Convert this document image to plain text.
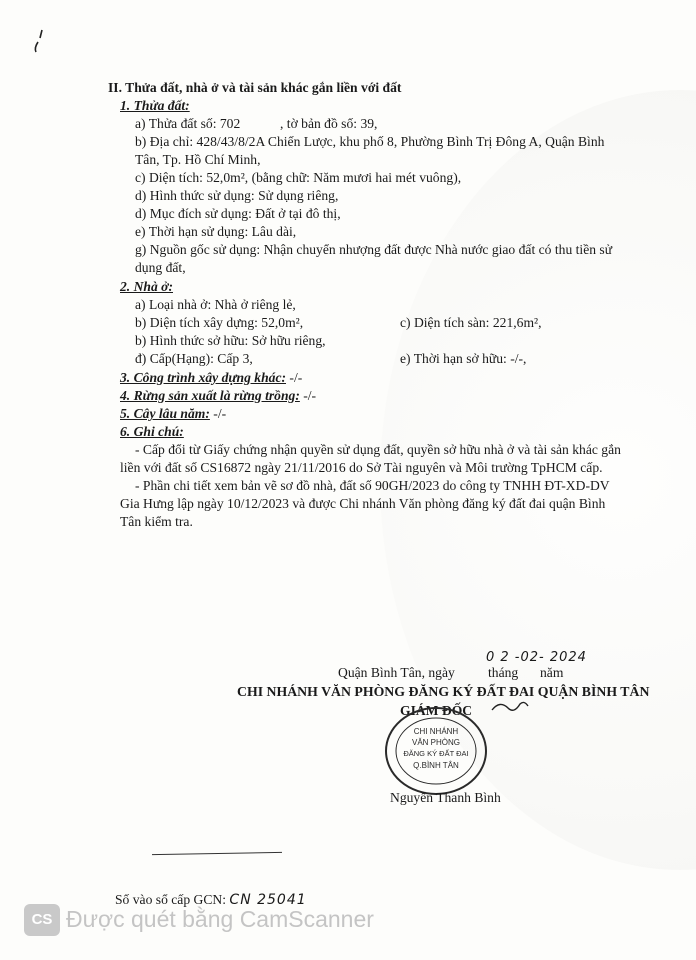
II. Thửa đất, nhà ở và tài sản khác gắn liền với đất
1. Thửa đất:
a) Thửa đất số: 702	, tờ bản đồ số: 39,
b) Địa chỉ: 428/43/8/2A Chiến Lược, khu phố 8, Phường Bình Trị Đông A, Quận Bình
Tân, Tp. Hồ Chí Minh,
c) Diện tích: 52,0m², (bằng chữ: Năm mươi hai mét vuông),
d) Hình thức sử dụng: Sử dụng riêng,
d) Mục đích sử dụng: Đất ở tại đô thị,
e) Thời hạn sử dụng: Lâu dài,
g) Nguồn gốc sử dụng: Nhận chuyển nhượng đất được Nhà nước giao đất có thu tiền sử
dụng đất,
2. Nhà ở:
a) Loại nhà ở: Nhà ở riêng lẻ,
b) Diện tích xây dựng: 52,0m²,	c) Diện tích sàn: 221,6m²,
b) Hình thức sở hữu: Sở hữu riêng,
đ) Cấp(Hạng): Cấp 3,	e) Thời hạn sở hữu: -/-,
3. Công trình xây dựng khác: -/-
4. Rừng sản xuất là rừng trồng: -/-
5. Cây lâu năm: -/-
6. Ghi chú:
- Cấp đổi từ Giấy chứng nhận quyền sử dụng đất, quyền sở hữu nhà ở và tài sản khác gắn
liền với đất số CS16872 ngày 21/11/2016 do Sở Tài nguyên và Môi trường TpHCM cấp.
- Phần chi tiết xem bản vẽ sơ đồ nhà, đất số 90GH/2023 do công ty TNHH ĐT-XD-DV
Gia Hưng lập ngày 10/12/2023 và được Chi nhánh Văn phòng đăng ký đất đai quận Bình
Tân kiểm tra.
0 2 -02- 2024
Quận Bình Tân, ngày tháng năm
CHI NHÁNH VĂN PHÒNG ĐĂNG KÝ ĐẤT ĐAI QUẬN BÌNH TÂN
GIÁM ĐỐC
CHI NHÁNH
VĂN PHÒNG
ĐĂNG KÝ ĐẤT ĐAI
Q.BÌNH TÂN
Nguyễn Thanh Bình
Số vào sổ cấp GCN: CN 25041
CS Được quét bằng CamScanner
